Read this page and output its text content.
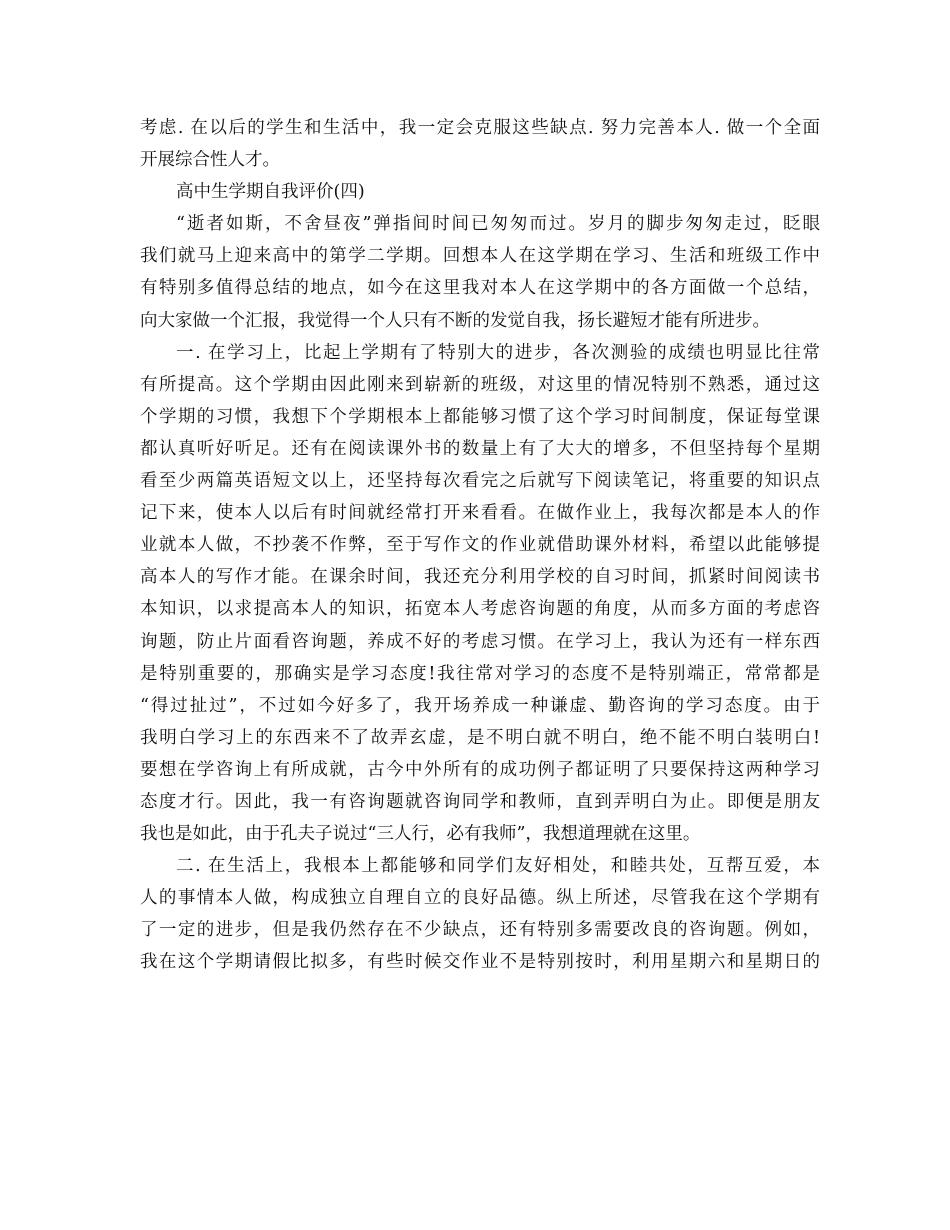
考虑. 在以后的学生和生活中，我一定会克服这些缺点. 努力完善本人. 做一个全面
开展综合性人才。
高中生学期自我评价(四)
“逝者如斯，不舍昼夜”弹指间时间已匆匆而过。岁月的脚步匆匆走过，眨眼
我们就马上迎来高中的第学二学期。回想本人在这学期在学习、生活和班级工作中
有特别多值得总结的地点，如今在这里我对本人在这学期中的各方面做一个总结，
向大家做一个汇报，我觉得一个人只有不断的发觉自我，扬长避短才能有所进步。
一. 在学习上，比起上学期有了特别大的进步，各次测验的成绩也明显比往常
有所提高。这个学期由因此刚来到崭新的班级，对这里的情况特别不熟悉，通过这
个学期的习惯，我想下个学期根本上都能够习惯了这个学习时间制度，保证每堂课
都认真听好听足。还有在阅读课外书的数量上有了大大的增多，不但坚持每个星期
看至少两篇英语短文以上，还坚持每次看完之后就写下阅读笔记，将重要的知识点
记下来，使本人以后有时间就经常打开来看看。在做作业上，我每次都是本人的作
业就本人做，不抄袭不作弊，至于写作文的作业就借助课外材料，希望以此能够提
高本人的写作才能。在课余时间，我还充分利用学校的自习时间，抓紧时间阅读书
本知识，以求提高本人的知识，拓宽本人考虑咨询题的角度，从而多方面的考虑咨
询题，防止片面看咨询题，养成不好的考虑习惯。在学习上，我认为还有一样东西
是特别重要的，那确实是学习态度!我往常对学习的态度不是特别端正，常常都是
“得过扯过”，不过如今好多了，我开场养成一种谦虚、勤咨询的学习态度。由于
我明白学习上的东西来不了故弄玄虚，是不明白就不明白，绝不能不明白装明白!
要想在学咨询上有所成就，古今中外所有的成功例子都证明了只要保持这两种学习
态度才行。因此，我一有咨询题就咨询同学和教师，直到弄明白为止。即便是朋友
我也是如此，由于孔夫子说过“三人行，必有我师”，我想道理就在这里。
二. 在生活上，我根本上都能够和同学们友好相处，和睦共处，互帮互爱，本
人的事情本人做，构成独立自理自立的良好品德。纵上所述，尽管我在这个学期有
了一定的进步，但是我仍然存在不少缺点，还有特别多需要改良的咨询题。例如，
我在这个学期请假比拟多，有些时候交作业不是特别按时，利用星期六和星期日的
